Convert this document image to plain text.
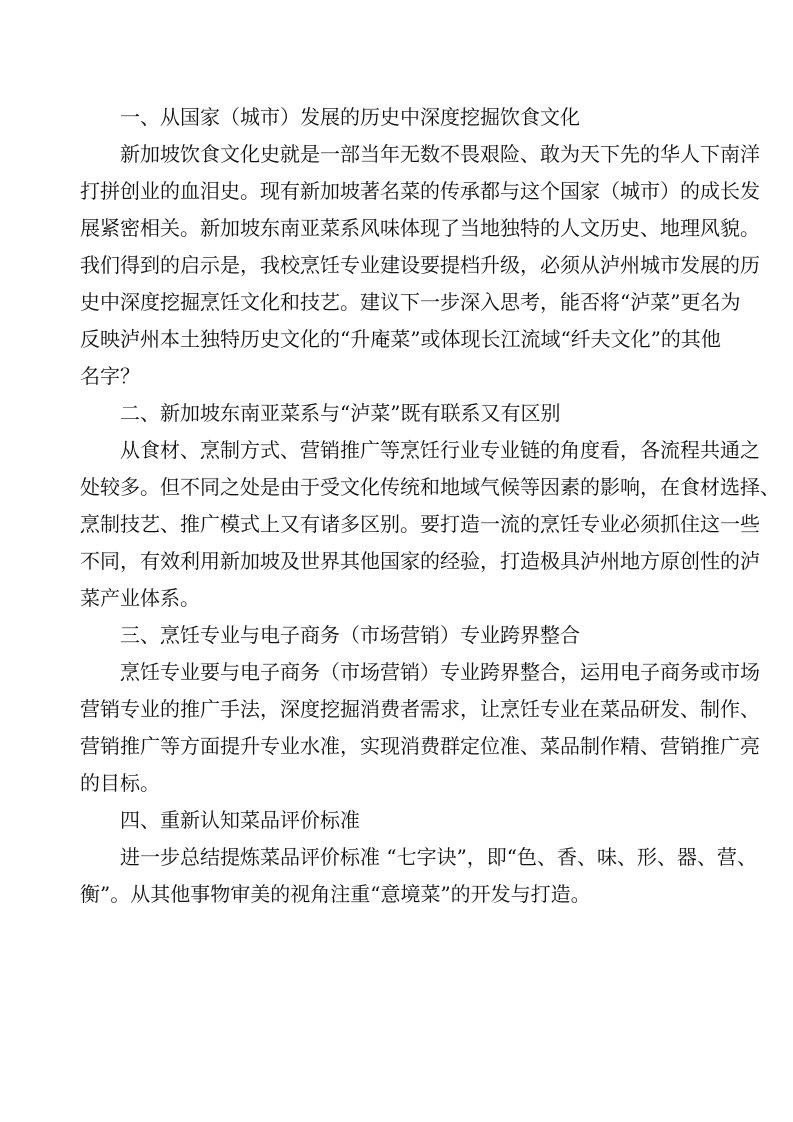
一、从国家（城市）发展的历史中深度挖掘饮食文化

新加坡饮食文化史就是一部当年无数不畏艰险、敢为天下先的华人下南洋
打拼创业的血泪史。现有新加坡著名菜的传承都与这个国家（城市）的成长发
展紧密相关。新加坡东南亚菜系风味体现了当地独特的人文历史、地理风貌。
我们得到的启示是，我校烹饪专业建设要提档升级，必须从泸州城市发展的历
史中深度挖掘烹饪文化和技艺。建议下一步深入思考，能否将“泸菜”更名为
反映泸州本土独特历史文化的“升庵菜”或体现长江流域“纤夫文化”的其他
名字？

二、新加坡东南亚菜系与“泸菜”既有联系又有区别

从食材、烹制方式、营销推广等烹饪行业专业链的角度看，各流程共通之
处较多。但不同之处是由于受文化传统和地域气候等因素的影响，在食材选择、
烹制技艺、推广模式上又有诸多区别。要打造一流的烹饪专业必须抓住这一些
不同，有效利用新加坡及世界其他国家的经验，打造极具泸州地方原创性的泸
菜产业体系。

三、烹饪专业与电子商务（市场营销）专业跨界整合

烹饪专业要与电子商务（市场营销）专业跨界整合，运用电子商务或市场
营销专业的推广手法，深度挖掘消费者需求，让烹饪专业在菜品研发、制作、
营销推广等方面提升专业水准，实现消费群定位准、菜品制作精、营销推广亮
的目标。

四、重新认知菜品评价标准

进一步总结提炼菜品评价标准 “七字诀”，即“色、香、味、形、器、营、
衡”。从其他事物审美的视角注重“意境菜”的开发与打造。
